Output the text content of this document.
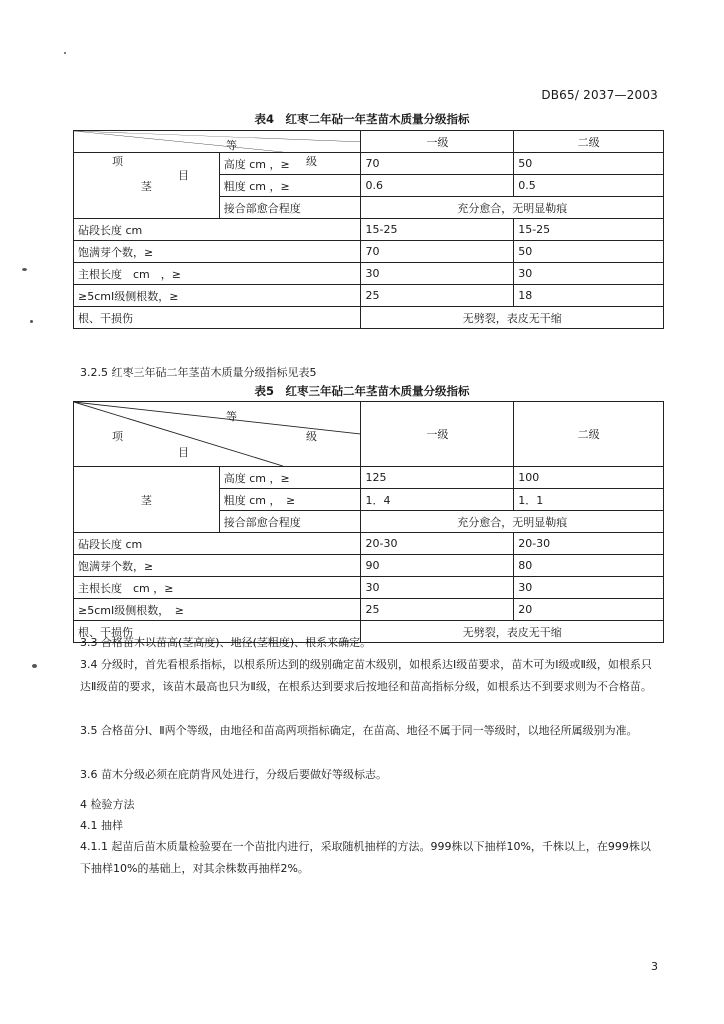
DB65/ 2037—2003
表4　红枣二年砧一年茎苗木质量分级指标
等
项 级
目		一级	二级
茎	高度 cm ，≥	70	50
	粗度 cm ，≥	0.6	0.5
	接合部愈合程度	充分愈合，无明显勒痕	
砧段长度 cm		15-25	15-25
饱满芽个数，≥		70	50
主根长度　cm　，≥		30	30
≥5cmⅠ级侧根数，≥		25	18
根、干损伤		无劈裂，表皮无干缩	
3.2.5 红枣三年砧二年茎苗木质量分级指标见表5
表5　红枣三年砧二年茎苗木质量分级指标
等
项 级
目		一级	二级
茎	高度 cm ，≥	125	100
	粗度 cm ，　≥	1．4	1．1
	接合部愈合程度	充分愈合，无明显勒痕	
砧段长度 cm		20-30	20-30
饱满芽个数，≥		90	80
主根长度　cm ，≥		30	30
≥5cmⅠ级侧根数，　≥		25	20
根、干损伤		无劈裂，表皮无干缩	
3.3 合格苗木以苗高(茎高度)、地径(茎粗度)、根系来确定。
3.4 分级时，首先看根系指标，以根系所达到的级别确定苗木级别，如根系达Ⅰ级苗要求，苗木可为Ⅰ级或Ⅱ级，如根系只达Ⅱ级苗的要求，该苗木最高也只为Ⅱ级，在根系达到要求后按地径和苗高指标分级，如根系达不到要求则为不合格苗。
3.5 合格苗分Ⅰ、Ⅱ两个等级，由地径和苗高两项指标确定，在苗高、地径不属于同一等级时，以地径所属级别为准。
3.6 苗木分级必须在庇荫背风处进行，分级后要做好等级标志。
4 检验方法
4.1 抽样
4.1.1 起苗后苗木质量检验要在一个苗批内进行，采取随机抽样的方法。999株以下抽样10%，千株以上，在999株以下抽样10%的基础上，对其余株数再抽样2%。
3
